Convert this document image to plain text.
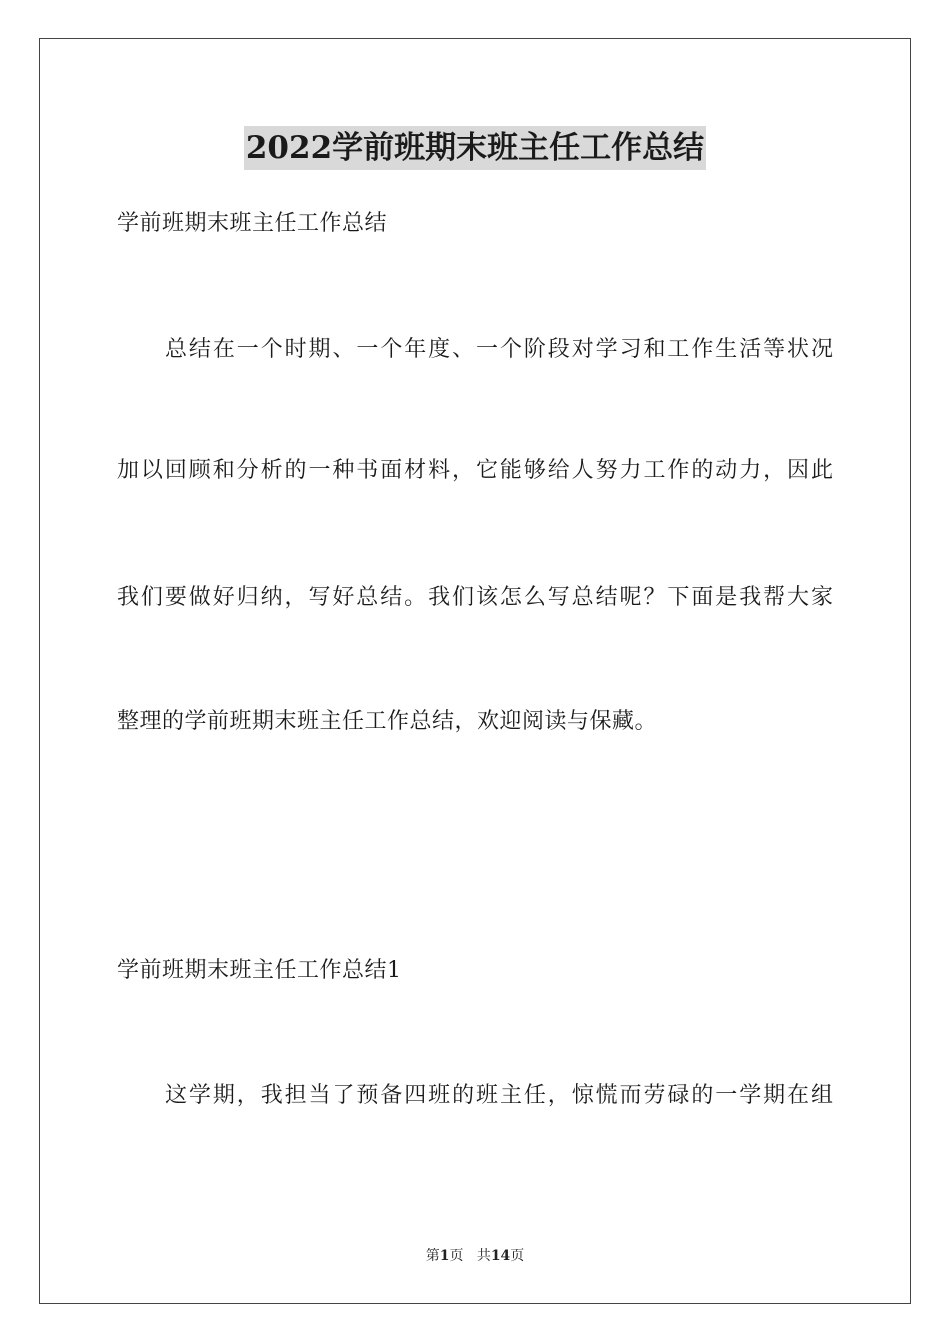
2022学前班期末班主任工作总结
学前班期末班主任工作总结
总结在一个时期、一个年度、一个阶段对学习和工作生活等状况
加以回顾和分析的一种书面材料，它能够给人努力工作的动力，因此
我们要做好归纳，写好总结。我们该怎么写总结呢？下面是我帮大家
整理的学前班期末班主任工作总结，欢迎阅读与保藏。
学前班期末班主任工作总结1
这学期，我担当了预备四班的班主任，惊慌而劳碌的一学期在组
第1页 共14页
